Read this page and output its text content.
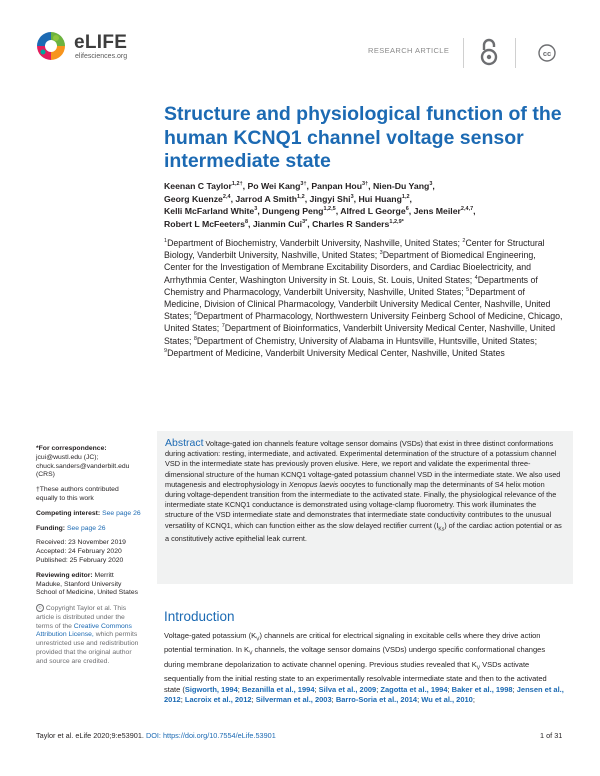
eLIFE
elifesciences.org
RESEARCH ARTICLE	cc
Structure and physiological function of the human KCNQ1 channel voltage sensor intermediate state
Keenan C Taylor$^{1,2\dagger}$, Po Wei Kang$^{3\dagger}$, Panpan Hou$^{3\dagger}$, Nien-Du Yang$^3$,
Georg Kuenze$^{2,4}$, Jarrod A Smith$^{1,2}$, Jingyi Shi$^3$, Hui Huang$^{1,2}$,
Kelli McFarland White$^3$, Dungeng Peng$^{1,2,5}$, Alfred L George$^6$, Jens Meiler$^{2,4,7}$,
Robert L McFeeters$^8$, Jianmin Cui$^{3*}$, Charles R Sanders$^{1,2,9*}$
$^1$Department of Biochemistry, Vanderbilt University, Nashville, United States; $^2$Center for Structural Biology, Vanderbilt University, Nashville, United States; $^3$Department of Biomedical Engineering, Center for the Investigation of Membrane Excitability Disorders, and Cardiac Bioelectricity, and Arrhythmia Center, Washington University in St. Louis, St. Louis, United States; $^4$Departments of Chemistry and Pharmacology, Vanderbilt University, Nashville, United States; $^5$Department of Medicine, Division of Clinical Pharmacology, Vanderbilt University Medical Center, Nashville, United States; $^6$Department of Pharmacology, Northwestern University Feinberg School of Medicine, Chicago, United States; $^7$Department of Bioinformatics, Vanderbilt University Medical Center, Nashville, United States; $^8$Department of Chemistry, University of Alabama in Huntsville, Huntsville, United States; $^9$Department of Medicine, Vanderbilt University Medical Center, Nashville, United States
*For correspondence:
jcui@wustl.edu (JC);
chuck.sanders@vanderbilt.edu
(CRS)
†These authors contributed equally to this work
Competing interest: See page 26
Funding: See page 26
Received: 23 November 2019
Accepted: 24 February 2020
Published: 25 February 2020
Reviewing editor: Merritt Maduke, Stanford University School of Medicine, United States
© Copyright Taylor et al. This article is distributed under the terms of the Creative Commons Attribution License, which permits unrestricted use and redistribution provided that the original author and source are credited.
Abstract Voltage-gated ion channels feature voltage sensor domains (VSDs) that exist in three distinct conformations during activation: resting, intermediate, and activated. Experimental determination of the structure of a potassium channel VSD in the intermediate state has previously proven elusive. Here, we report and validate the experimental three-dimensional structure of the human KCNQ1 voltage-gated potassium channel VSD in the intermediate state. We also used mutagenesis and electrophysiology in Xenopus laevis oocytes to functionally map the determinants of S4 helix motion during voltage-dependent transition from the intermediate to the activated state. Finally, the physiological relevance of the intermediate state KCNQ1 conductance is demonstrated using voltage-clamp fluorometry. This work illuminates the structure of the VSD intermediate state and demonstrates that intermediate state conductivity contributes to the unusual versatility of KCNQ1, which can function either as the slow delayed rectifier current $(I_{Ks})$ of the cardiac action potential or as a constitutively active epithelial leak current.
Introduction
Voltage-gated potassium $(K_V)$ channels are critical for electrical signaling in excitable cells where they drive action potential termination. In $K_V$ channels, the voltage sensor domains (VSDs) undergo specific conformational changes during membrane depolarization to activate channel opening. Previous studies revealed that $K_V$ VSDs activate sequentially from the initial resting state to an experimentally resolvable intermediate state and then to the activated state (Sigworth, 1994; Bezanilla et al., 1994; Silva et al., 2009; Zagotta et al., 1994; Baker et al., 1998; Jensen et al., 2012; Lacroix et al., 2012; Silverman et al., 2003; Barro-Soria et al., 2014; Wu et al., 2010;
Taylor et al. eLife 2020;9:e53901. DOI: https://doi.org/10.7554/eLife.53901	1 of 31
